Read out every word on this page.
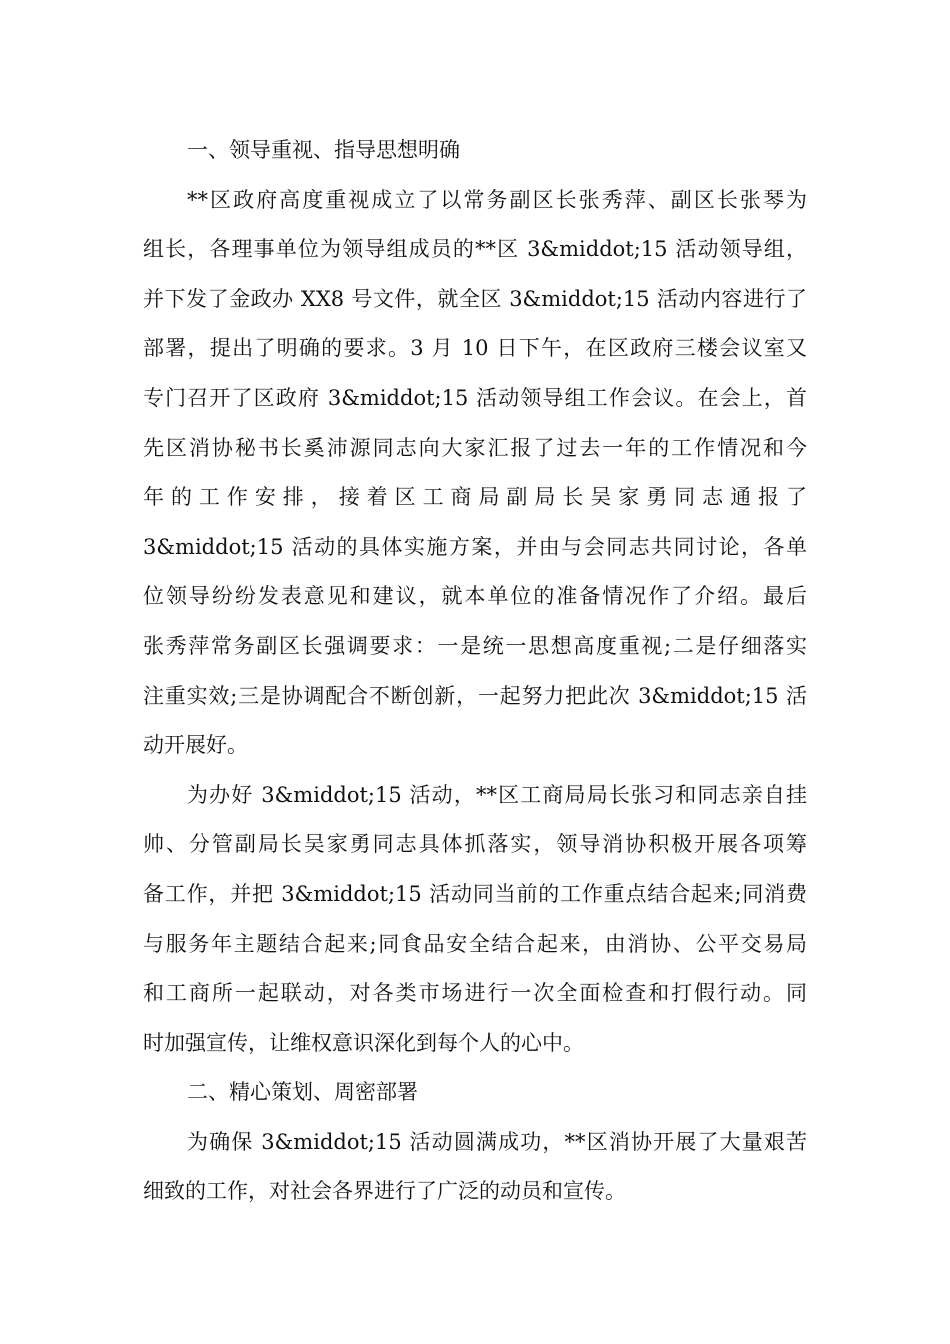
一、领导重视、指导思想明确
**区政府高度重视成立了以常务副区长张秀萍、副区长张琴为
组长，各理事单位为领导组成员的**区 3&middot;15 活动领导组，
并下发了金政办 XX8 号文件，就全区 3&middot;15 活动内容进行了
部署，提出了明确的要求。3 月 10 日下午，在区政府三楼会议室又
专门召开了区政府 3&middot;15 活动领导组工作会议。在会上，首
先区消协秘书长奚沛源同志向大家汇报了过去一年的工作情况和今
年的工作安排，接着区工商局副局长吴家勇同志通报了
3&middot;15 活动的具体实施方案，并由与会同志共同讨论，各单
位领导纷纷发表意见和建议，就本单位的准备情况作了介绍。最后
张秀萍常务副区长强调要求：一是统一思想高度重视;二是仔细落实
注重实效;三是协调配合不断创新，一起努力把此次 3&middot;15 活
动开展好。
为办好 3&middot;15 活动，**区工商局局长张习和同志亲自挂
帅、分管副局长吴家勇同志具体抓落实，领导消协积极开展各项筹
备工作，并把 3&middot;15 活动同当前的工作重点结合起来;同消费
与服务年主题结合起来;同食品安全结合起来，由消协、公平交易局
和工商所一起联动，对各类市场进行一次全面检查和打假行动。同
时加强宣传，让维权意识深化到每个人的心中。
二、精心策划、周密部署
为确保 3&middot;15 活动圆满成功，**区消协开展了大量艰苦
细致的工作，对社会各界进行了广泛的动员和宣传。
